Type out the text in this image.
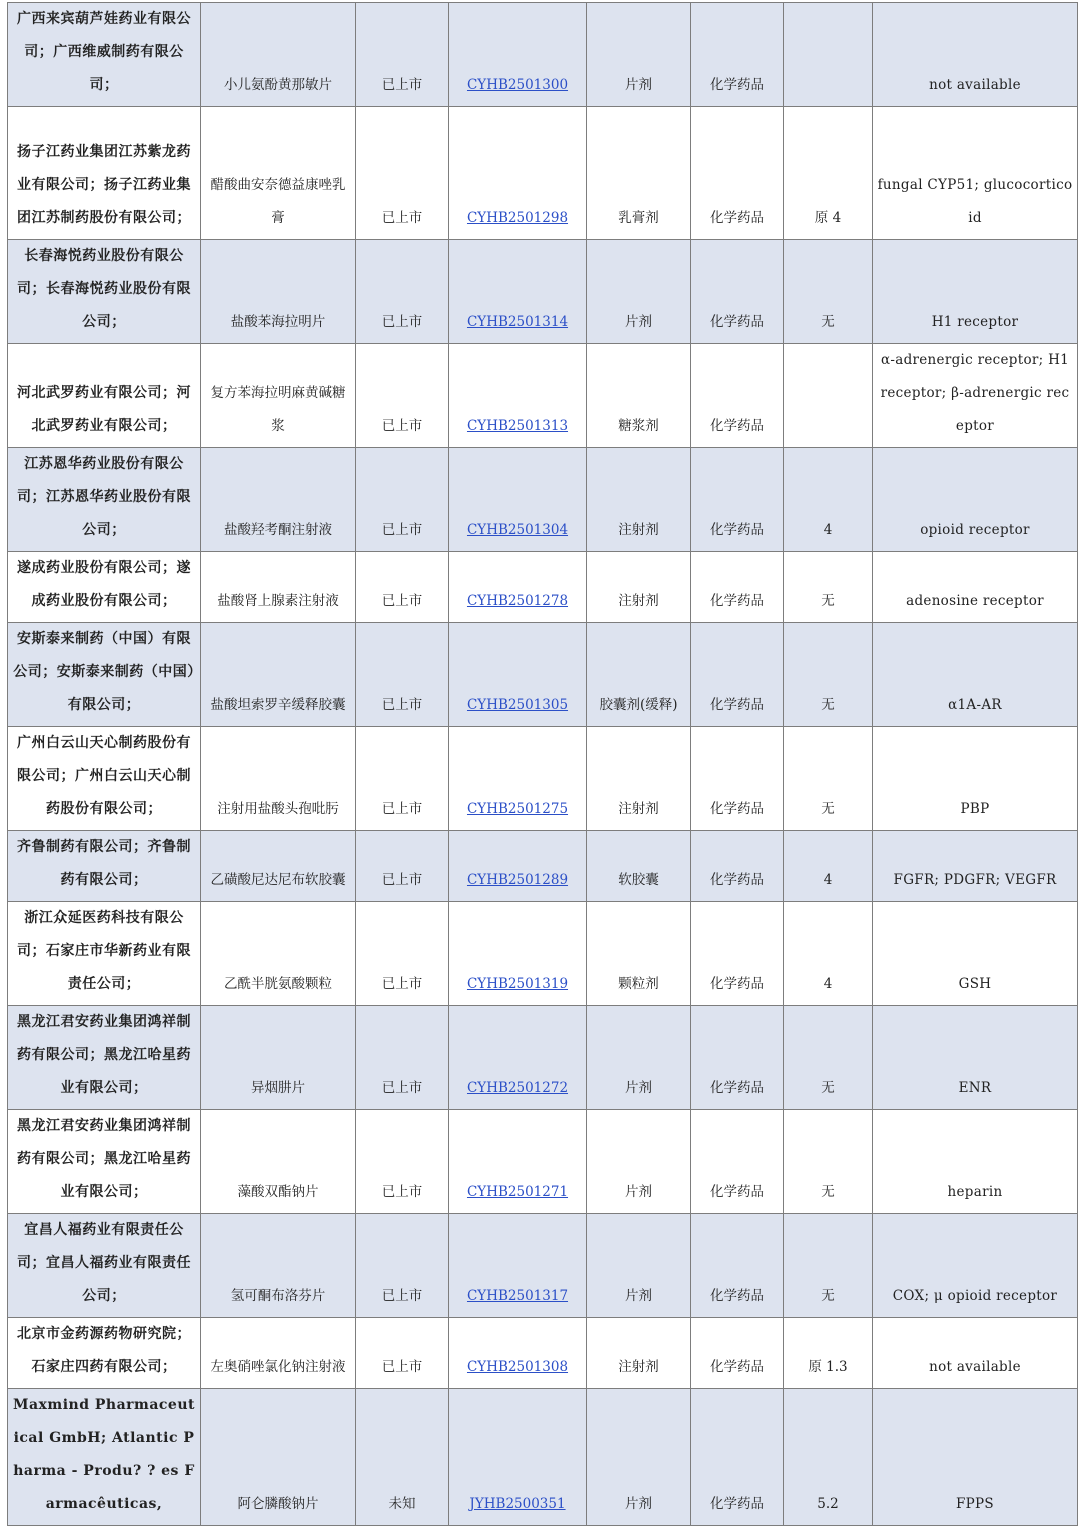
广西来宾葫芦娃药业有限公司；广西维威制药有限公司；	小儿氨酚黄那敏片	已上市	CYHB2501300	片剂	化学药品		not available
扬子江药业集团江苏紫龙药业有限公司；扬子江药业集团江苏制药股份有限公司；	醋酸曲安奈德益康唑乳膏	已上市	CYHB2501298	乳膏剂	化学药品	原 4	fungal CYP51; glucocorticoid
长春海悦药业股份有限公司；长春海悦药业股份有限公司；	盐酸苯海拉明片	已上市	CYHB2501314	片剂	化学药品	无	H1 receptor
河北武罗药业有限公司；河北武罗药业有限公司；	复方苯海拉明麻黄碱糖浆	已上市	CYHB2501313	糖浆剂	化学药品		α-adrenergic receptor; H1 receptor; β-adrenergic receptor
江苏恩华药业股份有限公司；江苏恩华药业股份有限公司；	盐酸羟考酮注射液	已上市	CYHB2501304	注射剂	化学药品	4	opioid receptor
遂成药业股份有限公司；遂成药业股份有限公司；	盐酸肾上腺素注射液	已上市	CYHB2501278	注射剂	化学药品	无	adenosine receptor
安斯泰来制药（中国）有限公司；安斯泰来制药（中国）有限公司；	盐酸坦索罗辛缓释胶囊	已上市	CYHB2501305	胶囊剂(缓释)	化学药品	无	α1A-AR
广州白云山天心制药股份有限公司；广州白云山天心制药股份有限公司；	注射用盐酸头孢吡肟	已上市	CYHB2501275	注射剂	化学药品	无	PBP
齐鲁制药有限公司；齐鲁制药有限公司；	乙磺酸尼达尼布软胶囊	已上市	CYHB2501289	软胶囊	化学药品	4	FGFR; PDGFR; VEGFR
浙江众延医药科技有限公司；石家庄市华新药业有限责任公司；	乙酰半胱氨酸颗粒	已上市	CYHB2501319	颗粒剂	化学药品	4	GSH
黑龙江君安药业集团鸿祥制药有限公司；黑龙江哈星药业有限公司；	异烟肼片	已上市	CYHB2501272	片剂	化学药品	无	ENR
黑龙江君安药业集团鸿祥制药有限公司；黑龙江哈星药业有限公司；	藻酸双酯钠片	已上市	CYHB2501271	片剂	化学药品	无	heparin
宜昌人福药业有限责任公司；宜昌人福药业有限责任公司；	氢可酮布洛芬片	已上市	CYHB2501317	片剂	化学药品	无	COX; μ opioid receptor
北京市金药源药物研究院；石家庄四药有限公司；	左奥硝唑氯化钠注射液	已上市	CYHB2501308	注射剂	化学药品	原 1.3	not available
Maxmind Pharmaceutical GmbH; Atlantic Pharma - Produ? ? es Farmacêuticas,	阿仑膦酸钠片	未知	JYHB2500351	片剂	化学药品	5.2	FPPS
